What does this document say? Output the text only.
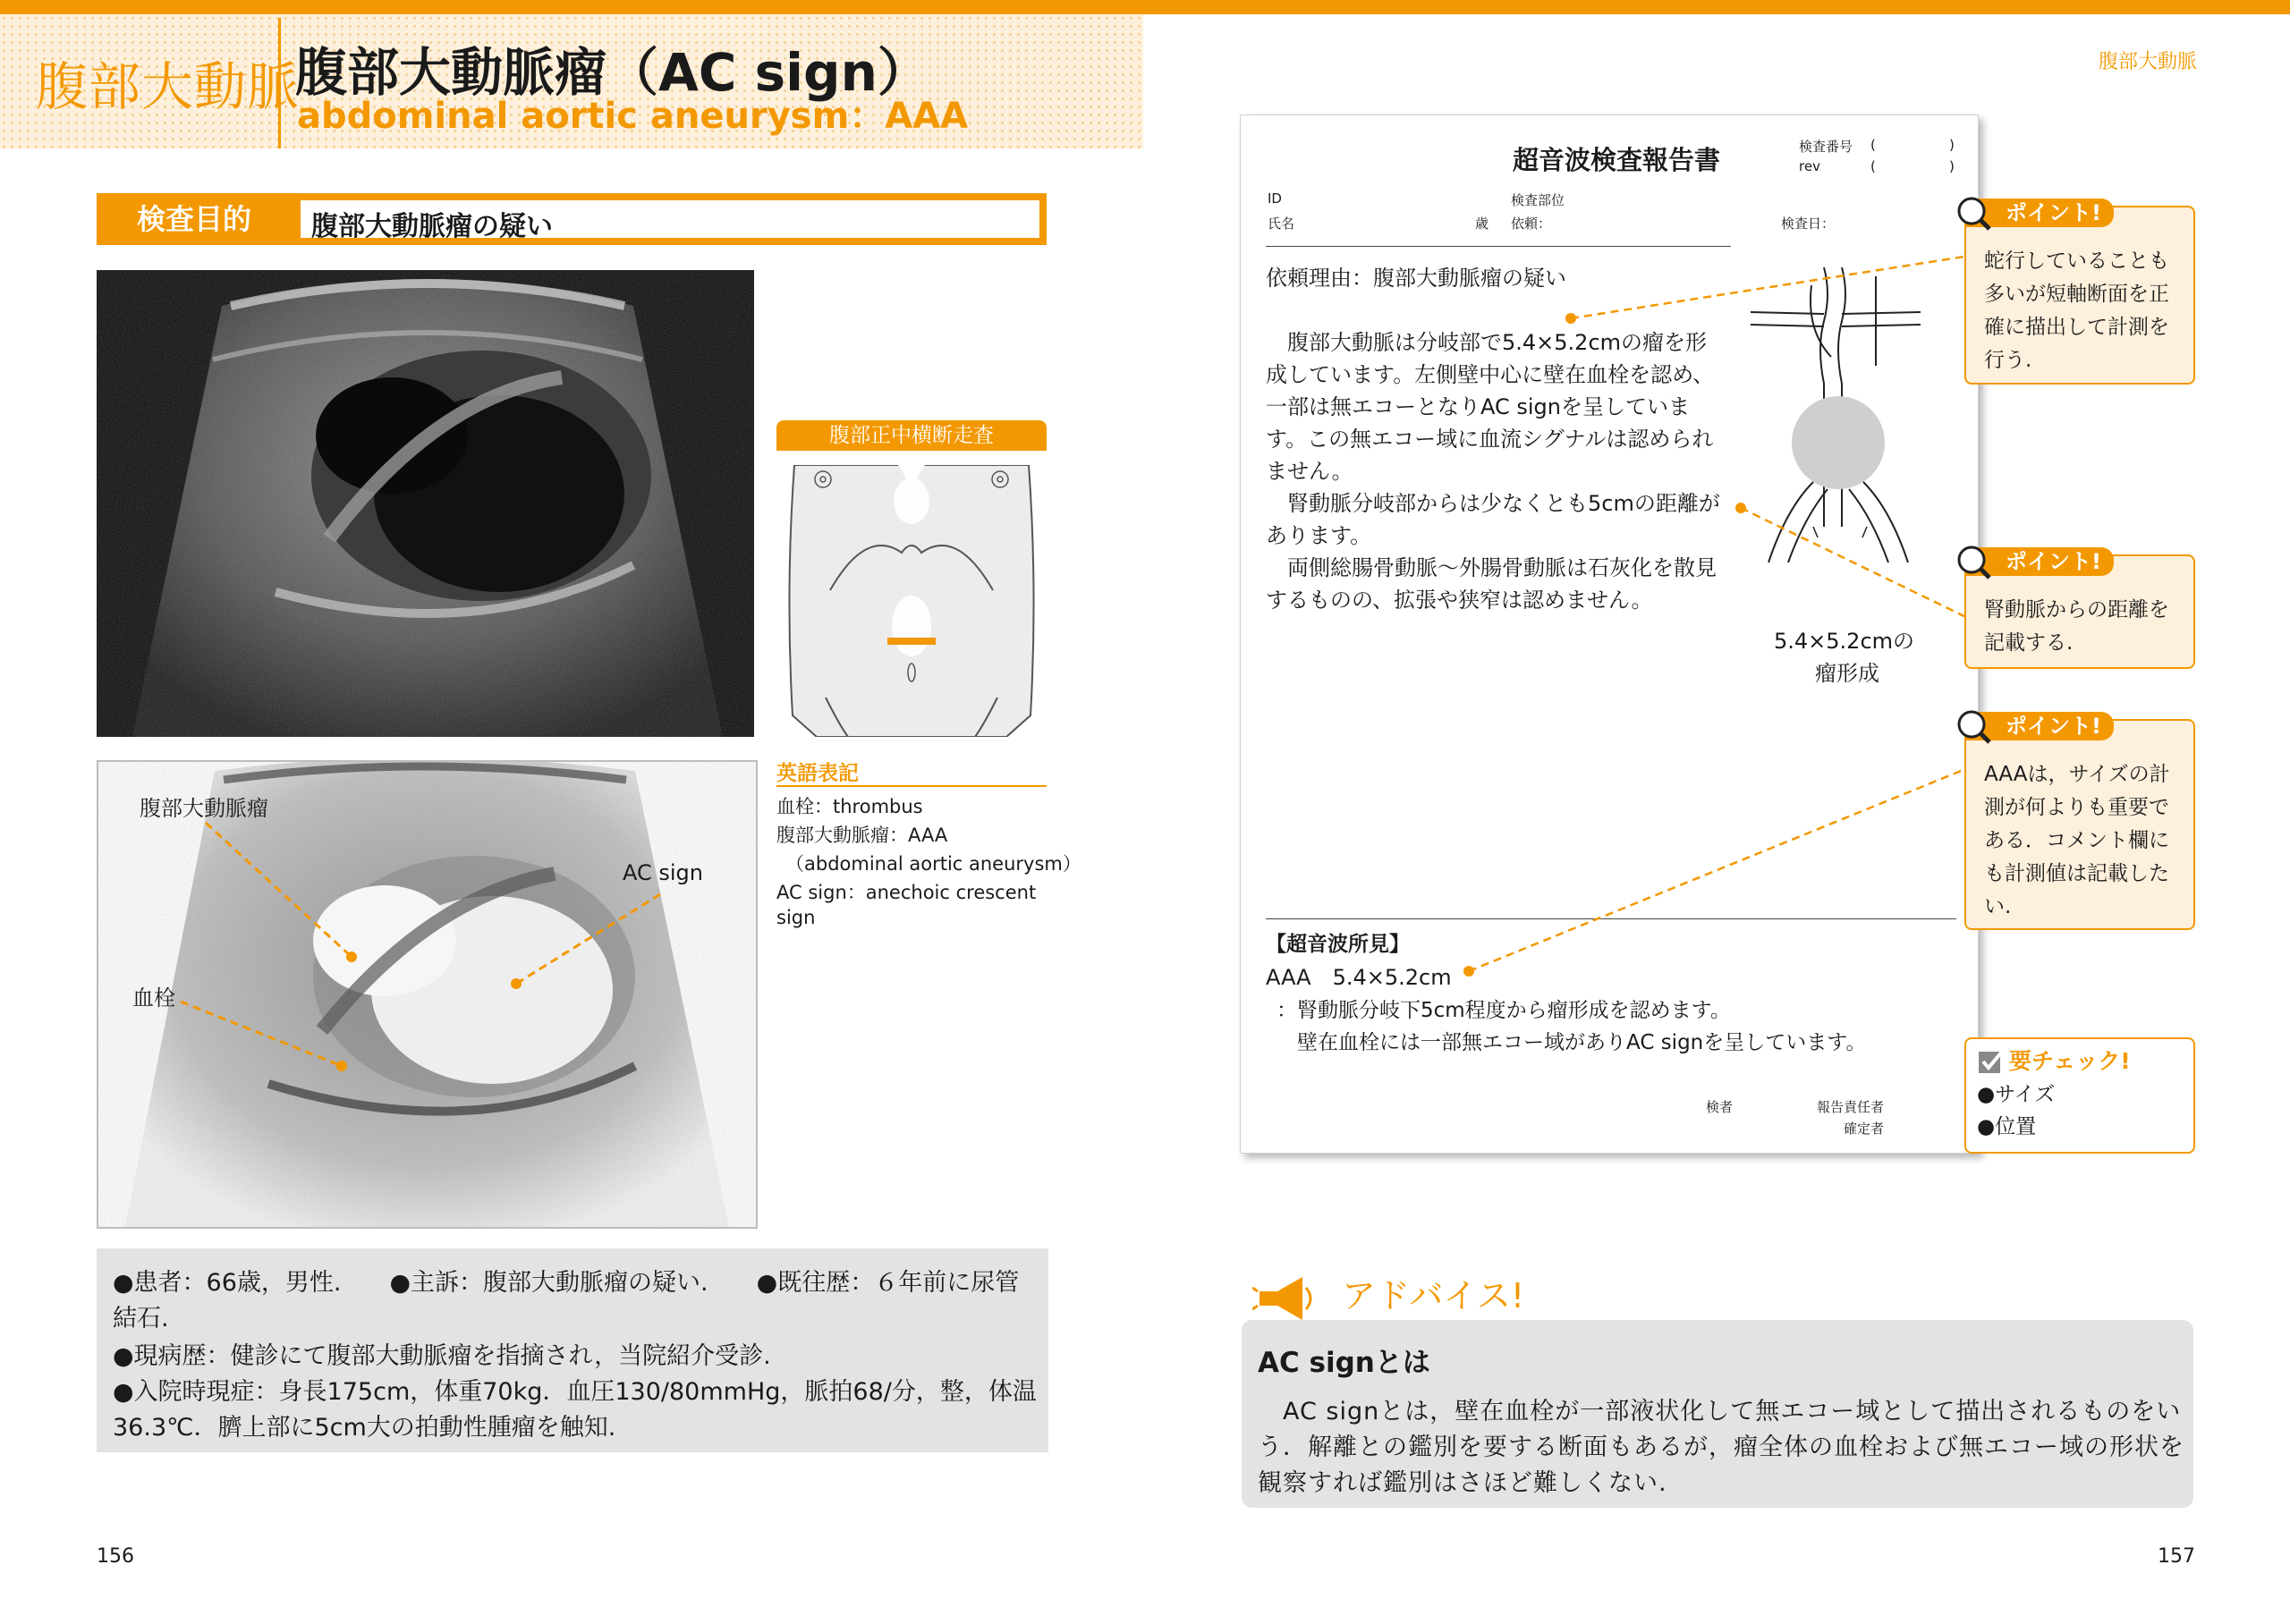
腹部大動脈
腹部大動脈瘤（AC sign）
abdominal aortic aneurysm：AAA
腹部大動脈
検査目的	腹部大動脈瘤の疑い
腹部大動脈瘤
AC sign
血栓
腹部正中横断走査
英語表記
血栓：thrombus
腹部大動脈瘤：AAA
（abdominal aortic aneurysm）
AC sign：anechoic crescent
sign
●患者：66歳，男性.　　●主訴：腹部大動脈瘤の疑い.　　●既往歴：６年前に尿管
結石.
●現病歴：健診にて腹部大動脈瘤を指摘され，当院紹介受診.
●入院時現症：身長175cm，体重70kg．血圧130/80mmHg，脈拍68/分，整，体温
36.3℃．臍上部に5cm大の拍動性腫瘤を触知.
156	157
超音波検査報告書	検査番号 (	)
rev	(	)
ID	検査部位
氏名	歳 依頼：	検査日：
依頼理由：腹部大動脈瘤の疑い
　腹部大動脈は分岐部で5.4×5.2cmの瘤を形
成しています。左側壁中心に壁在血栓を認め、
一部は無エコーとなりAC signを呈していま
す。この無エコー域に血流シグナルは認められ
ません。
　腎動脈分岐部からは少なくとも5cmの距離が
あります。
　両側総腸骨動脈～外腸骨動脈は石灰化を散見
するものの、拡張や狭窄は認めません。
5.4×5.2cmの
瘤形成
【超音波所見】
AAA　5.4×5.2cm
：腎動脈分岐下5cm程度から瘤形成を認めます。
　壁在血栓には一部無エコー域がありAC signを呈しています。
検者	報告責任者
確定者
蛇行していることも
多いが短軸断面を正
確に描出して計測を
行う.
ポイント!
腎動脈からの距離を
記載する.
ポイント!
AAAは，サイズの計
測が何よりも重要で
ある．コメント欄に
も計測値は記載した
い.
ポイント!
要チェック!
●サイズ
●位置
アドバイス!
AC signとは
　AC signとは，壁在血栓が一部液状化して無エコー域として描出されるものをい
う．解離との鑑別を要する断面もあるが，瘤全体の血栓および無エコー域の形状を
観察すれば鑑別はさほど難しくない.
